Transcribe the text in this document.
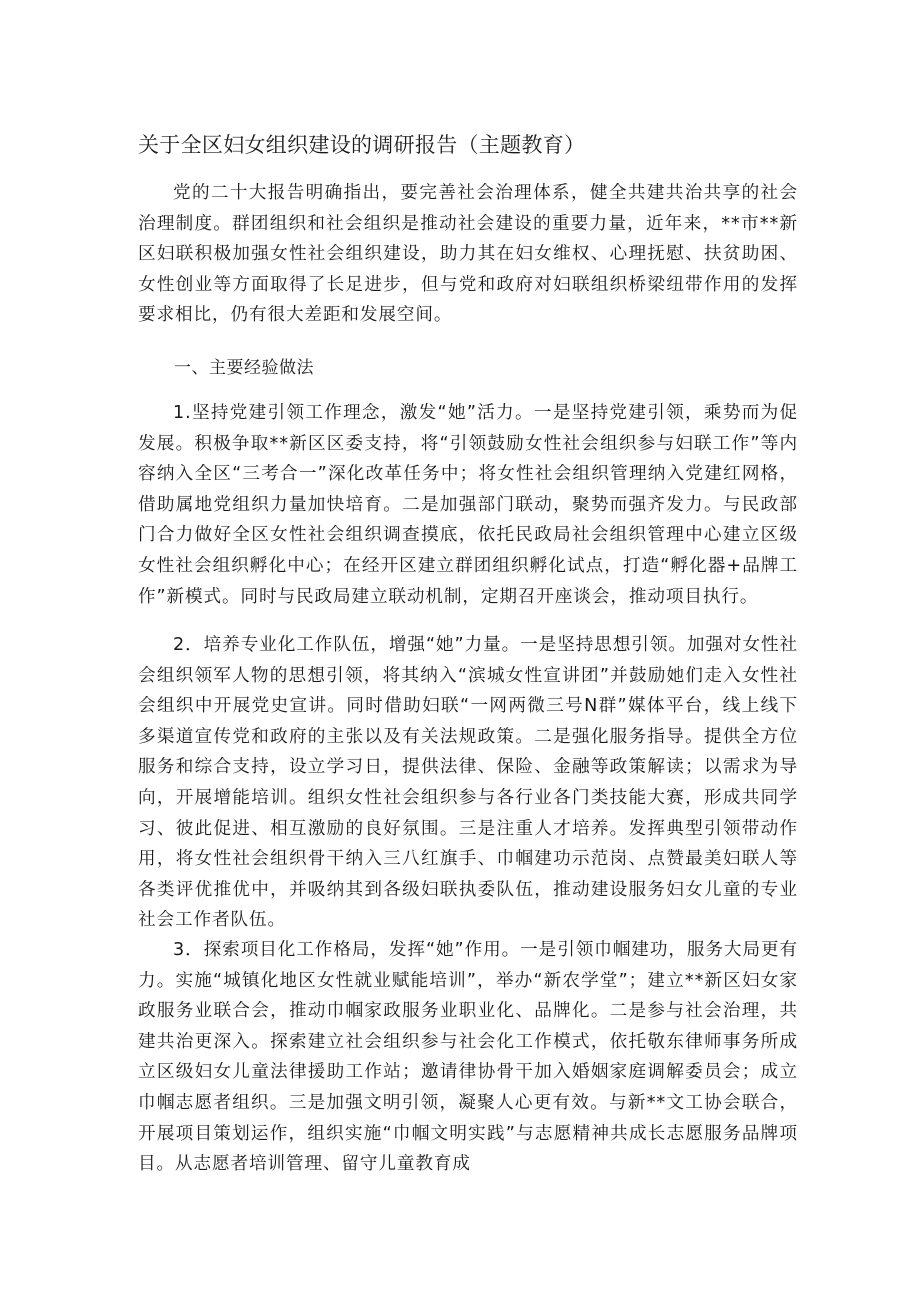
关于全区妇女组织建设的调研报告（主题教育）

党的二十大报告明确指出，要完善社会治理体系，健全共建共治共享的社会治理制度。群团组织和社会组织是推动社会建设的重要力量，近年来，**市**新区妇联积极加强女性社会组织建设，助力其在妇女维权、心理抚慰、扶贫助困、女性创业等方面取得了长足进步，但与党和政府对妇联组织桥梁纽带作用的发挥要求相比，仍有很大差距和发展空间。

一、主要经验做法

1.坚持党建引领工作理念，激发“她”活力。一是坚持党建引领，乘势而为促发展。积极争取**新区区委支持，将“引领鼓励女性社会组织参与妇联工作”等内容纳入全区“三考合一”深化改革任务中；将女性社会组织管理纳入党建红网格，借助属地党组织力量加快培育。二是加强部门联动，聚势而强齐发力。与民政部门合力做好全区女性社会组织调查摸底，依托民政局社会组织管理中心建立区级女性社会组织孵化中心；在经开区建立群团组织孵化试点，打造“孵化器+品牌工作”新模式。同时与民政局建立联动机制，定期召开座谈会，推动项目执行。

2．培养专业化工作队伍，增强“她”力量。一是坚持思想引领。加强对女性社会组织领军人物的思想引领，将其纳入“滨城女性宣讲团”并鼓励她们走入女性社会组织中开展党史宣讲。同时借助妇联“一网两微三号N群”媒体平台，线上线下多渠道宣传党和政府的主张以及有关法规政策。二是强化服务指导。提供全方位服务和综合支持，设立学习日，提供法律、保险、金融等政策解读；以需求为导向，开展增能培训。组织女性社会组织参与各行业各门类技能大赛，形成共同学习、彼此促进、相互激励的良好氛围。三是注重人才培养。发挥典型引领带动作用，将女性社会组织骨干纳入三八红旗手、巾帼建功示范岗、点赞最美妇联人等各类评优推优中，并吸纳其到各级妇联执委队伍，推动建设服务妇女儿童的专业社会工作者队伍。

3．探索项目化工作格局，发挥“她”作用。一是引领巾帼建功，服务大局更有力。实施“城镇化地区女性就业赋能培训”，举办“新农学堂”；建立**新区妇女家政服务业联合会，推动巾帼家政服务业职业化、品牌化。二是参与社会治理，共建共治更深入。探索建立社会组织参与社会化工作模式，依托敬东律师事务所成立区级妇女儿童法律援助工作站；邀请律协骨干加入婚姻家庭调解委员会；成立巾帼志愿者组织。三是加强文明引领，凝聚人心更有效。与新**文工协会联合，开展项目策划运作，组织实施“巾帼文明实践”与志愿精神共成长志愿服务品牌项目。从志愿者培训管理、留守儿童教育成
